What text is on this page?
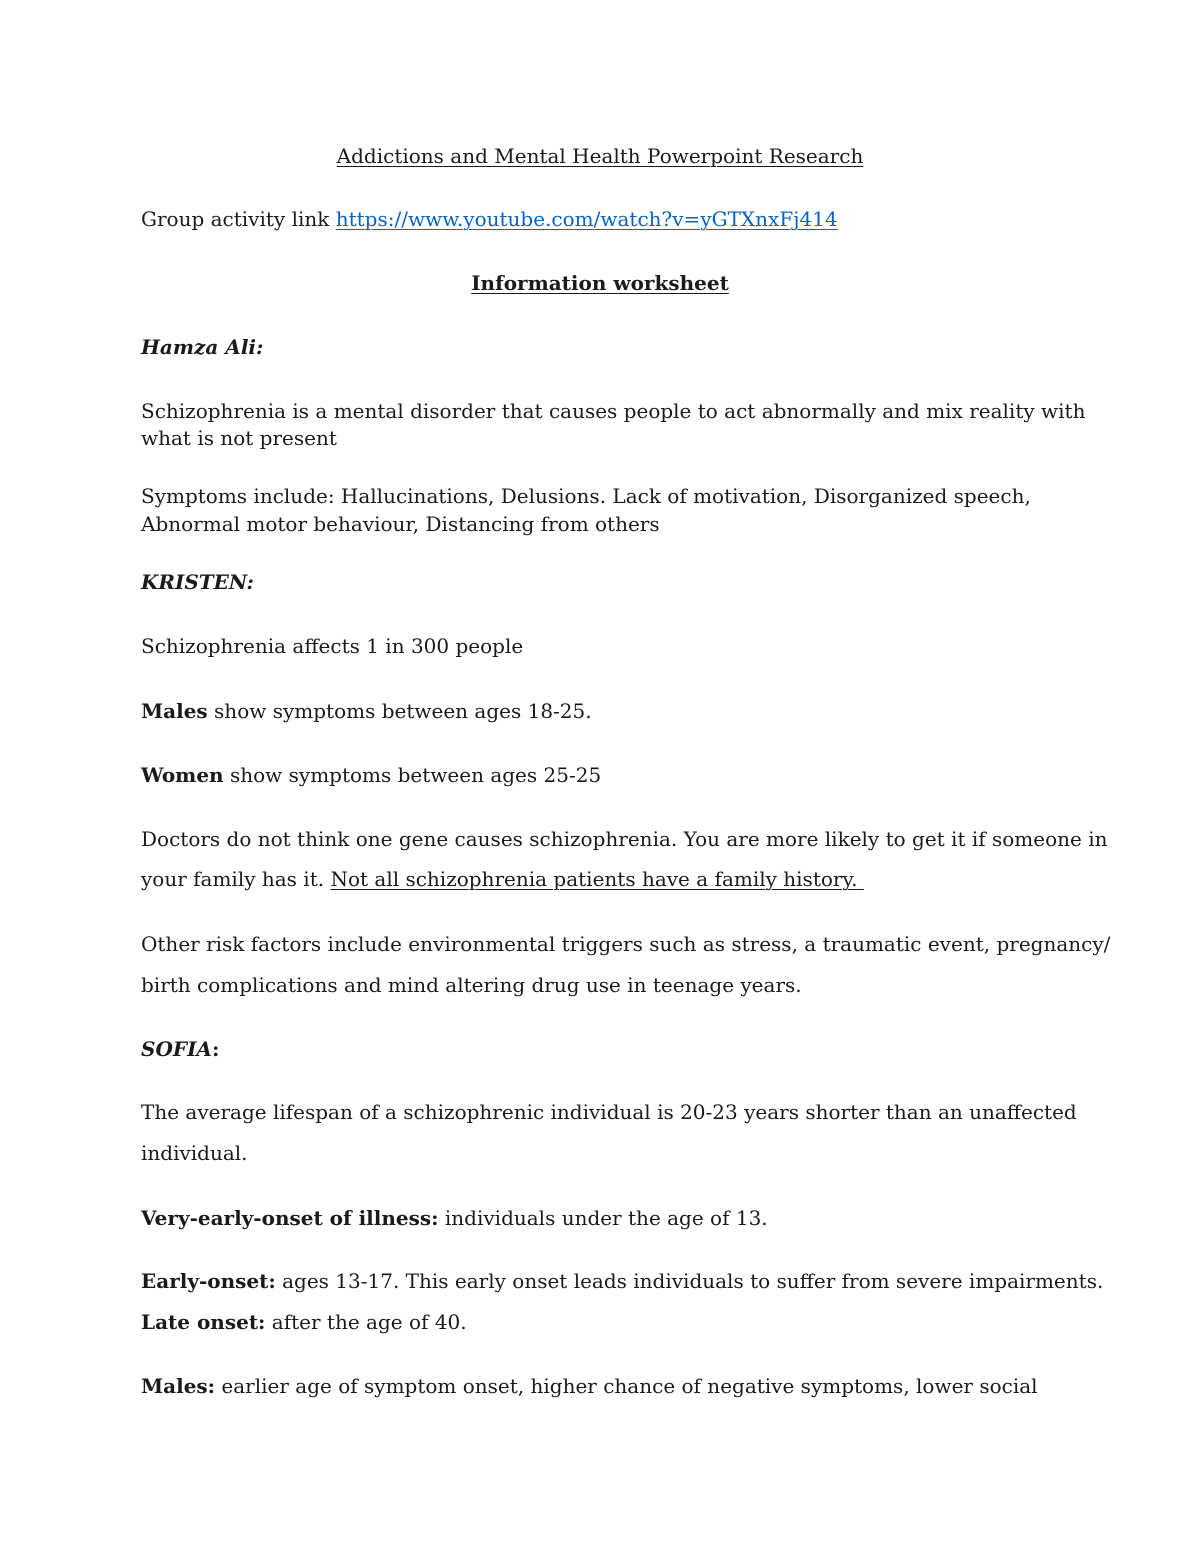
Addictions and Mental Health Powerpoint Research
Group activity link https://www.youtube.com/watch?v=yGTXnxFj414
Information worksheet
Hamza Ali:
Schizophrenia is a mental disorder that causes people to act abnormally and mix reality with
what is not present
Symptoms include: Hallucinations, Delusions. Lack of motivation, Disorganized speech,
Abnormal motor behaviour, Distancing from others
KRISTEN:
Schizophrenia affects 1 in 300 people
Males show symptoms between ages 18-25.
Women show symptoms between ages 25-25
Doctors do not think one gene causes schizophrenia. You are more likely to get it if someone in
your family has it. Not all schizophrenia patients have a family history.
Other risk factors include environmental triggers such as stress, a traumatic event, pregnancy/
birth complications and mind altering drug use in teenage years.
SOFIA:
The average lifespan of a schizophrenic individual is 20-23 years shorter than an unaffected
individual.
Very-early-onset of illness: individuals under the age of 13.
Early-onset: ages 13-17. This early onset leads individuals to suffer from severe impairments.
Late onset: after the age of 40.
Males: earlier age of symptom onset, higher chance of negative symptoms, lower social
